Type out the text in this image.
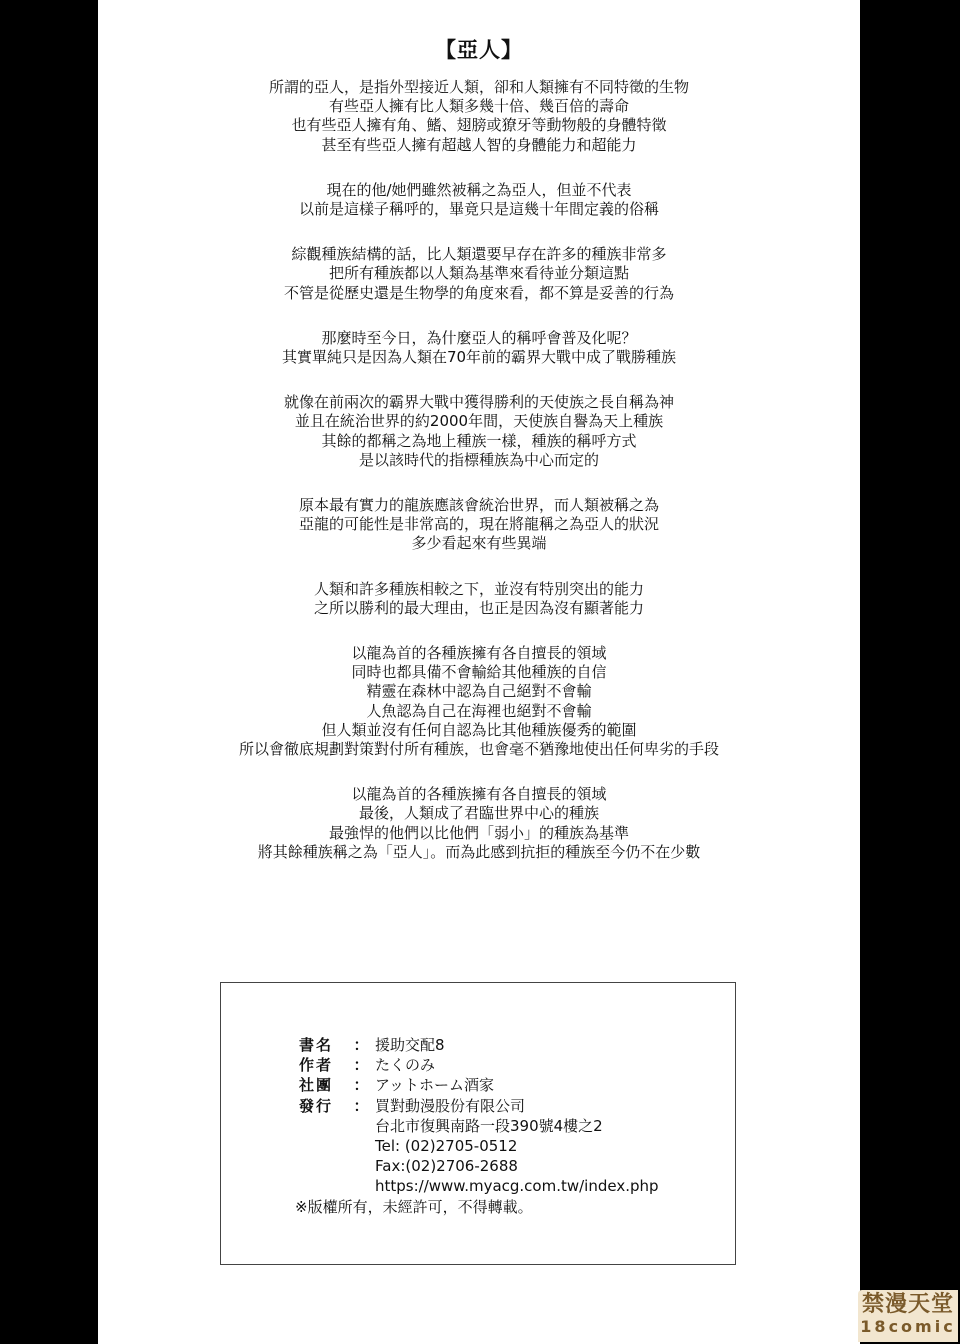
【亞人】
所謂的亞人，是指外型接近人類，卻和人類擁有不同特徵的生物
有些亞人擁有比人類多幾十倍、幾百倍的壽命
也有些亞人擁有角、鰭、翅膀或獠牙等動物般的身體特徵
甚至有些亞人擁有超越人智的身體能力和超能力
現在的他/她們雖然被稱之為亞人，但並不代表
以前是這樣子稱呼的，畢竟只是這幾十年間定義的俗稱
綜觀種族結構的話，比人類還要早存在許多的種族非常多
把所有種族都以人類為基準來看待並分類這點
不管是從歷史還是生物學的角度來看，都不算是妥善的行為
那麼時至今日，為什麼亞人的稱呼會普及化呢？
其實單純只是因為人類在70年前的霸界大戰中成了戰勝種族
就像在前兩次的霸界大戰中獲得勝利的天使族之長自稱為神
並且在統治世界的約2000年間，天使族自譽為天上種族
其餘的都稱之為地上種族一樣，種族的稱呼方式
是以該時代的指標種族為中心而定的
原本最有實力的龍族應該會統治世界，而人類被稱之為
亞龍的可能性是非常高的，現在將龍稱之為亞人的狀況
多少看起來有些異端
人類和許多種族相較之下，並沒有特別突出的能力
之所以勝利的最大理由，也正是因為沒有顯著能力
以龍為首的各種族擁有各自擅長的領域
同時也都具備不會輸給其他種族的自信
精靈在森林中認為自己絕對不會輸
人魚認為自己在海裡也絕對不會輸
但人類並沒有任何自認為比其他種族優秀的範圍
所以會徹底規劃對策對付所有種族，也會毫不猶豫地使出任何卑劣的手段
以龍為首的各種族擁有各自擅長的領域
最後，人類成了君臨世界中心的種族
最強悍的他們以比他們「弱小」的種族為基準
將其餘種族稱之為「亞人」。而為此感到抗拒的種族至今仍不在少數
書名	： 援助交配8
作者	： たくのみ
社團	： アットホーム酒家
發行	： 買對動漫股份有限公司
台北市復興南路一段390號4樓之2
Tel: (02)2705-0512
Fax:(02)2706-2688
https://www.myacg.com.tw/index.php
※版權所有，未經許可，不得轉載。
禁漫天堂
18comic
